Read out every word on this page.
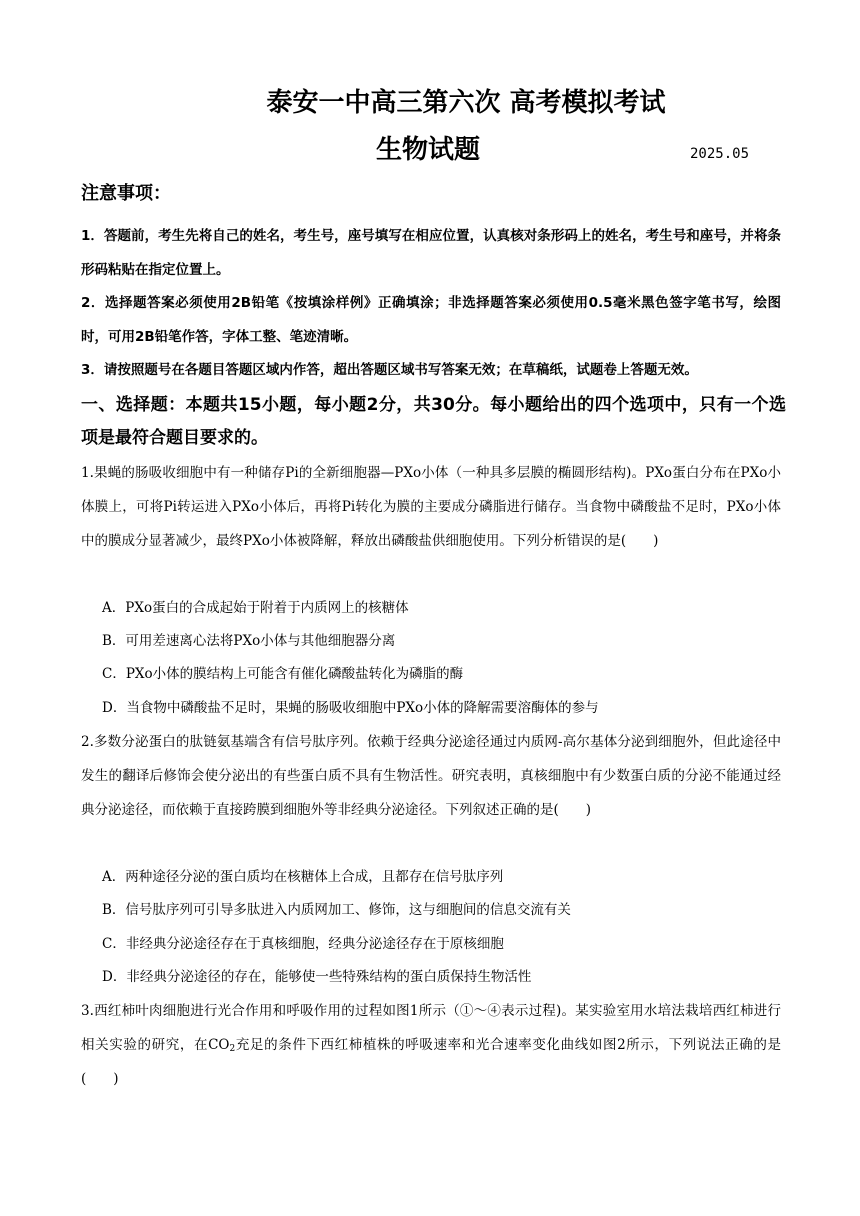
泰安一中高三第六次 高考模拟考试
生物试题	2025.05
注意事项：
1．答题前，考生先将自己的姓名，考生号，座号填写在相应位置，认真核对条形码上的姓名，考生号和座号，并将条形码粘贴在指定位置上。
2．选择题答案必须使用2B铅笔《按填涂样例》正确填涂；非选择题答案必须使用0.5毫米黑色签字笔书写，绘图时，可用2B铅笔作答，字体工整、笔迹清晰。
3．请按照题号在各题目答题区域内作答，超出答题区域书写答案无效；在草稿纸，试题卷上答题无效。
一、选择题：本题共15小题，每小题2分，共30分。每小题给出的四个选项中，只有一个选项是最符合题目要求的。
1.果蝇的肠吸收细胞中有一种储存Pi的全新细胞器—PXo小体（一种具多层膜的椭圆形结构)。PXo蛋白分布在PXo小体膜上，可将Pi转运进入PXo小体后，再将Pi转化为膜的主要成分磷脂进行储存。当食物中磷酸盐不足时，PXo小体中的膜成分显著减少，最终PXo小体被降解，释放出磷酸盐供细胞使用。下列分析错误的是(　　)
A．PXo蛋白的合成起始于附着于内质网上的核糖体
B．可用差速离心法将PXo小体与其他细胞器分离
C．PXo小体的膜结构上可能含有催化磷酸盐转化为磷脂的酶
D．当食物中磷酸盐不足时，果蝇的肠吸收细胞中PXo小体的降解需要溶酶体的参与
2.多数分泌蛋白的肽链氨基端含有信号肽序列。依赖于经典分泌途径通过内质网-高尔基体分泌到细胞外，但此途径中发生的翻译后修饰会使分泌出的有些蛋白质不具有生物活性。研究表明，真核细胞中有少数蛋白质的分泌不能通过经典分泌途径，而依赖于直接跨膜到细胞外等非经典分泌途径。下列叙述正确的是(　　)
A．两种途径分泌的蛋白质均在核糖体上合成，且都存在信号肽序列
B．信号肽序列可引导多肽进入内质网加工、修饰，这与细胞间的信息交流有关
C．非经典分泌途径存在于真核细胞，经典分泌途径存在于原核细胞
D．非经典分泌途径的存在，能够使一些特殊结构的蛋白质保持生物活性
3.西红柿叶肉细胞进行光合作用和呼吸作用的过程如图1所示（①～④表示过程)。某实验室用水培法栽培西红柿进行相关实验的研究，在$CO_2$充足的条件下西红柿植株的呼吸速率和光合速率变化曲线如图2所示，下列说法正确的是(　　)
